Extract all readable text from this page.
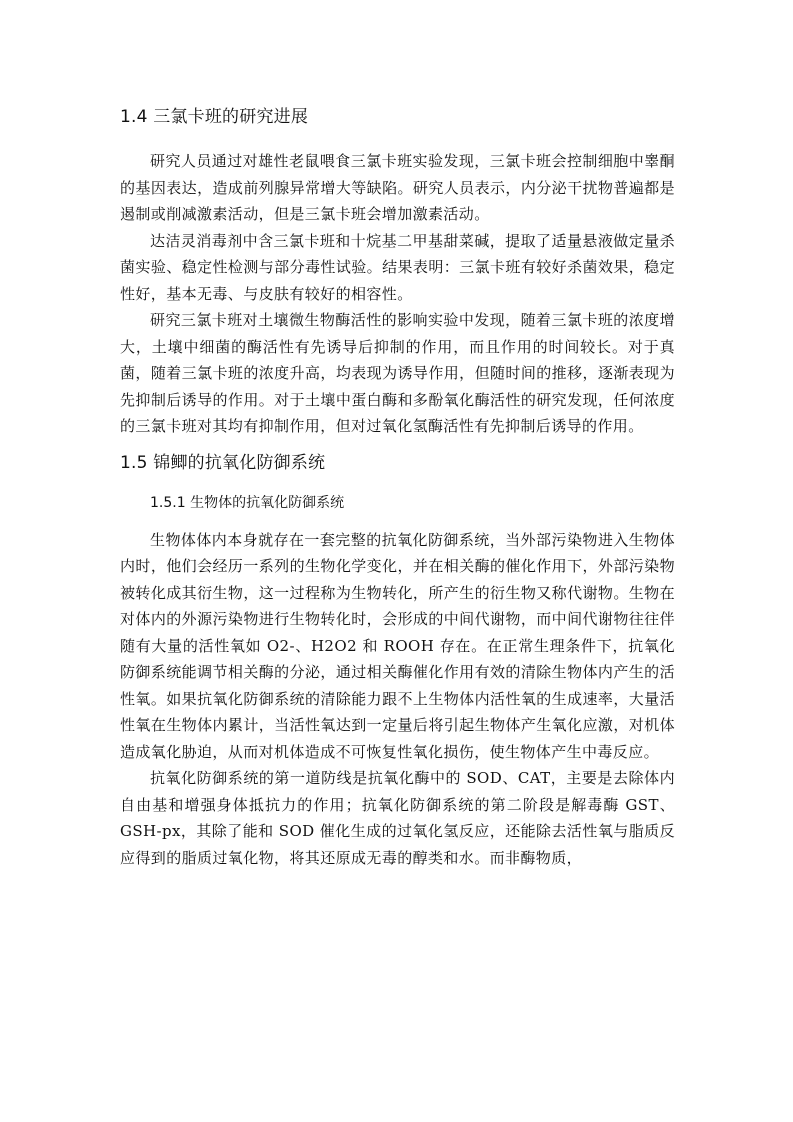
1.4 三氯卡班的研究进展

研究人员通过对雄性老鼠喂食三氯卡班实验发现，三氯卡班会控制细胞中睾酮的基因表达，造成前列腺异常增大等缺陷。研究人员表示，内分泌干扰物普遍都是遏制或削减激素活动，但是三氯卡班会增加激素活动。

达洁灵消毒剂中含三氯卡班和十烷基二甲基甜菜碱，提取了适量悬液做定量杀菌实验、稳定性检测与部分毒性试验。结果表明：三氯卡班有较好杀菌效果，稳定性好，基本无毒、与皮肤有较好的相容性。

研究三氯卡班对土壤微生物酶活性的影响实验中发现，随着三氯卡班的浓度增大，土壤中细菌的酶活性有先诱导后抑制的作用，而且作用的时间较长。对于真菌，随着三氯卡班的浓度升高，均表现为诱导作用，但随时间的推移，逐渐表现为先抑制后诱导的作用。对于土壤中蛋白酶和多酚氧化酶活性的研究发现，任何浓度的三氯卡班对其均有抑制作用，但对过氧化氢酶活性有先抑制后诱导的作用。

1.5 锦鲫的抗氧化防御系统
1.5.1 生物体的抗氧化防御系统

生物体体内本身就存在一套完整的抗氧化防御系统，当外部污染物进入生物体内时，他们会经历一系列的生物化学变化，并在相关酶的催化作用下，外部污染物被转化成其衍生物，这一过程称为生物转化，所产生的衍生物又称代谢物。生物在对体内的外源污染物进行生物转化时，会形成的中间代谢物，而中间代谢物往往伴随有大量的活性氧如 O2-、H2O2 和 ROOH 存在。在正常生理条件下，抗氧化防御系统能调节相关酶的分泌，通过相关酶催化作用有效的清除生物体内产生的活性氧。如果抗氧化防御系统的清除能力跟不上生物体内活性氧的生成速率，大量活性氧在生物体内累计，当活性氧达到一定量后将引起生物体产生氧化应激，对机体造成氧化胁迫，从而对机体造成不可恢复性氧化损伤，使生物体产生中毒反应。

抗氧化防御系统的第一道防线是抗氧化酶中的 SOD、CAT，主要是去除体内自由基和增强身体抵抗力的作用；抗氧化防御系统的第二阶段是解毒酶 GST、GSH-px，其除了能和 SOD 催化生成的过氧化氢反应，还能除去活性氧与脂质反应得到的脂质过氧化物，将其还原成无毒的醇类和水。而非酶物质，
